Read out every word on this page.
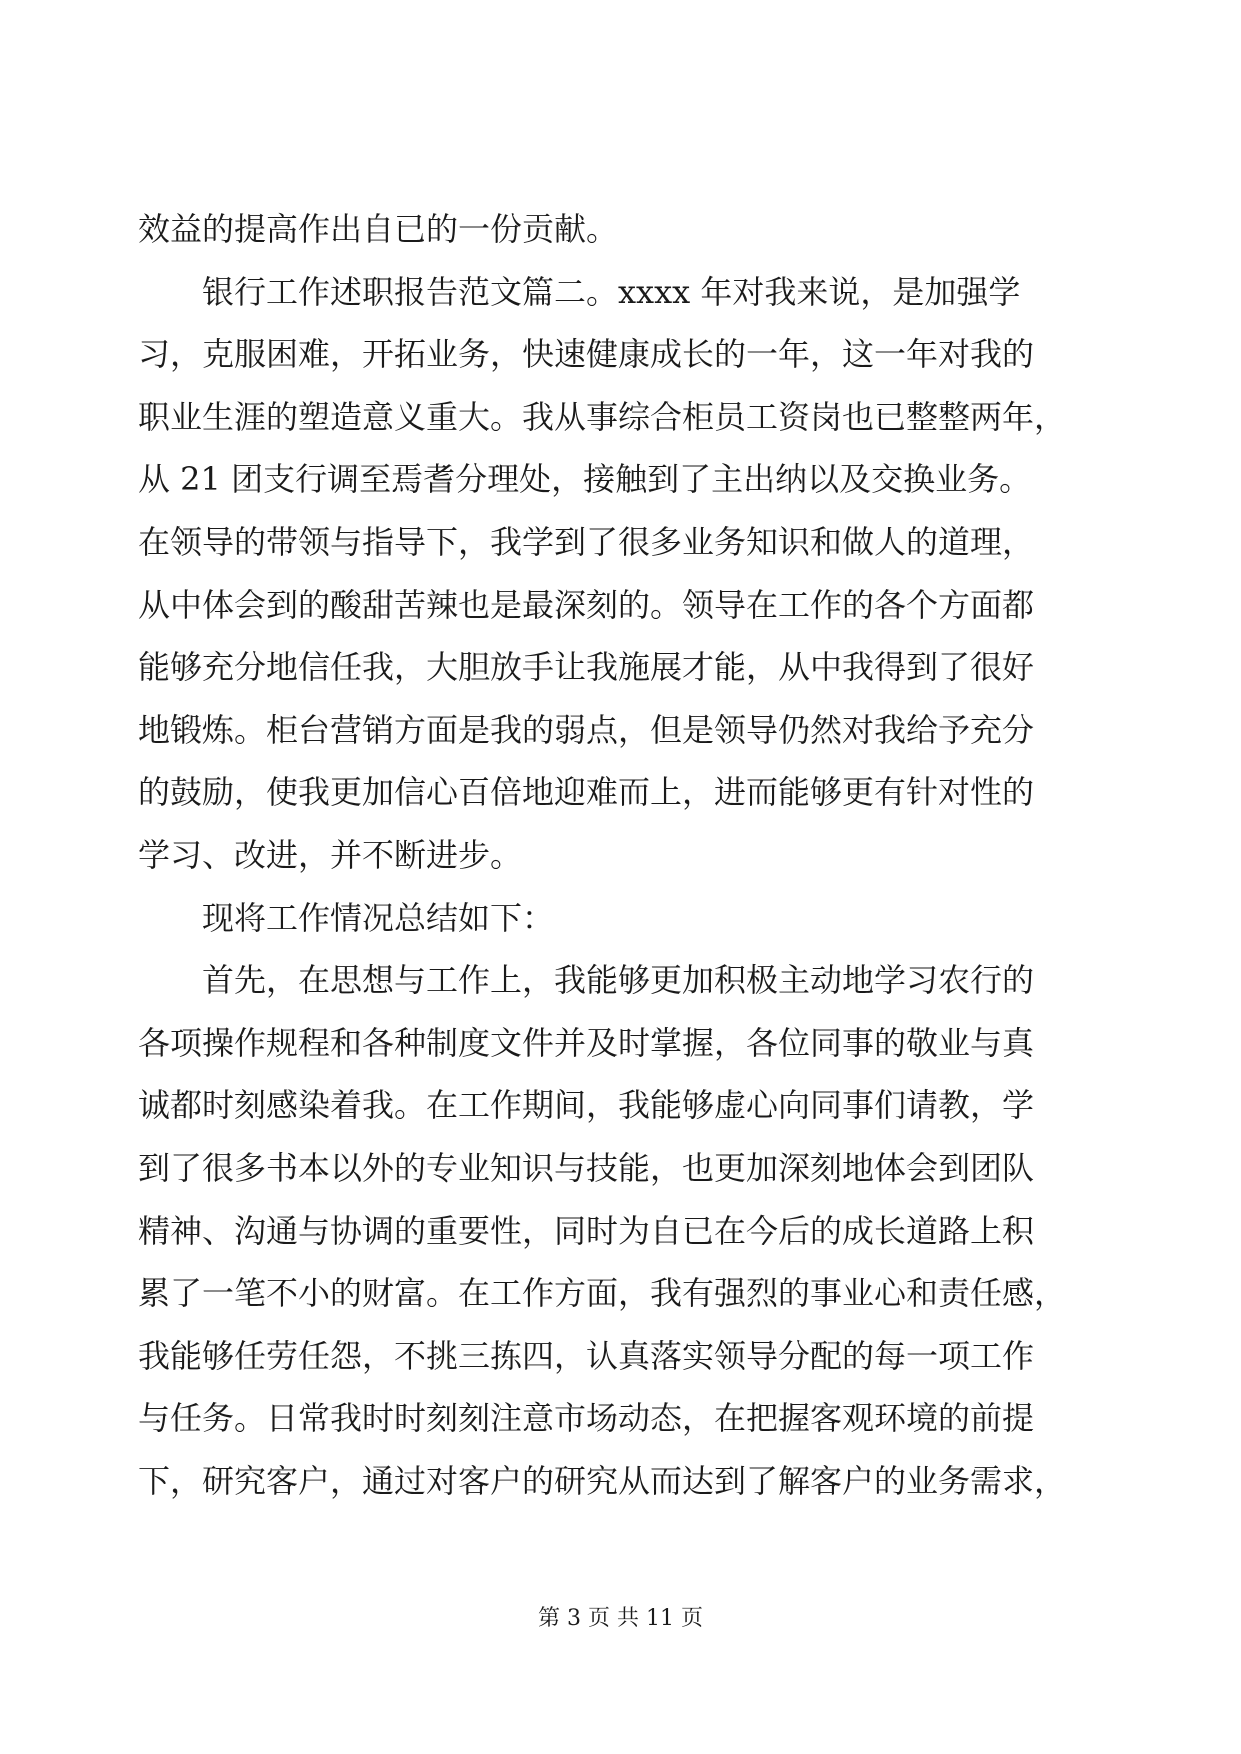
效益的提高作出自已的一份贡献。
　　银行工作述职报告范文篇二。xxxx 年对我来说，是加强学
习，克服困难，开拓业务，快速健康成长的一年，这一年对我的
职业生涯的塑造意义重大。我从事综合柜员工资岗也已整整两年，
从 21 团支行调至焉耆分理处，接触到了主出纳以及交换业务。
在领导的带领与指导下，我学到了很多业务知识和做人的道理，
从中体会到的酸甜苦辣也是最深刻的。领导在工作的各个方面都
能够充分地信任我，大胆放手让我施展才能，从中我得到了很好
地锻炼。柜台营销方面是我的弱点，但是领导仍然对我给予充分
的鼓励，使我更加信心百倍地迎难而上，进而能够更有针对性的
学习、改进，并不断进步。
　　现将工作情况总结如下：
　　首先，在思想与工作上，我能够更加积极主动地学习农行的
各项操作规程和各种制度文件并及时掌握，各位同事的敬业与真
诚都时刻感染着我。在工作期间，我能够虚心向同事们请教，学
到了很多书本以外的专业知识与技能，也更加深刻地体会到团队
精神、沟通与协调的重要性，同时为自已在今后的成长道路上积
累了一笔不小的财富。在工作方面，我有强烈的事业心和责任感，
我能够任劳任怨，不挑三拣四，认真落实领导分配的每一项工作
与任务。日常我时时刻刻注意市场动态，在把握客观环境的前提
下，研究客户，通过对客户的研究从而达到了解客户的业务需求，
第 3 页 共 11 页
